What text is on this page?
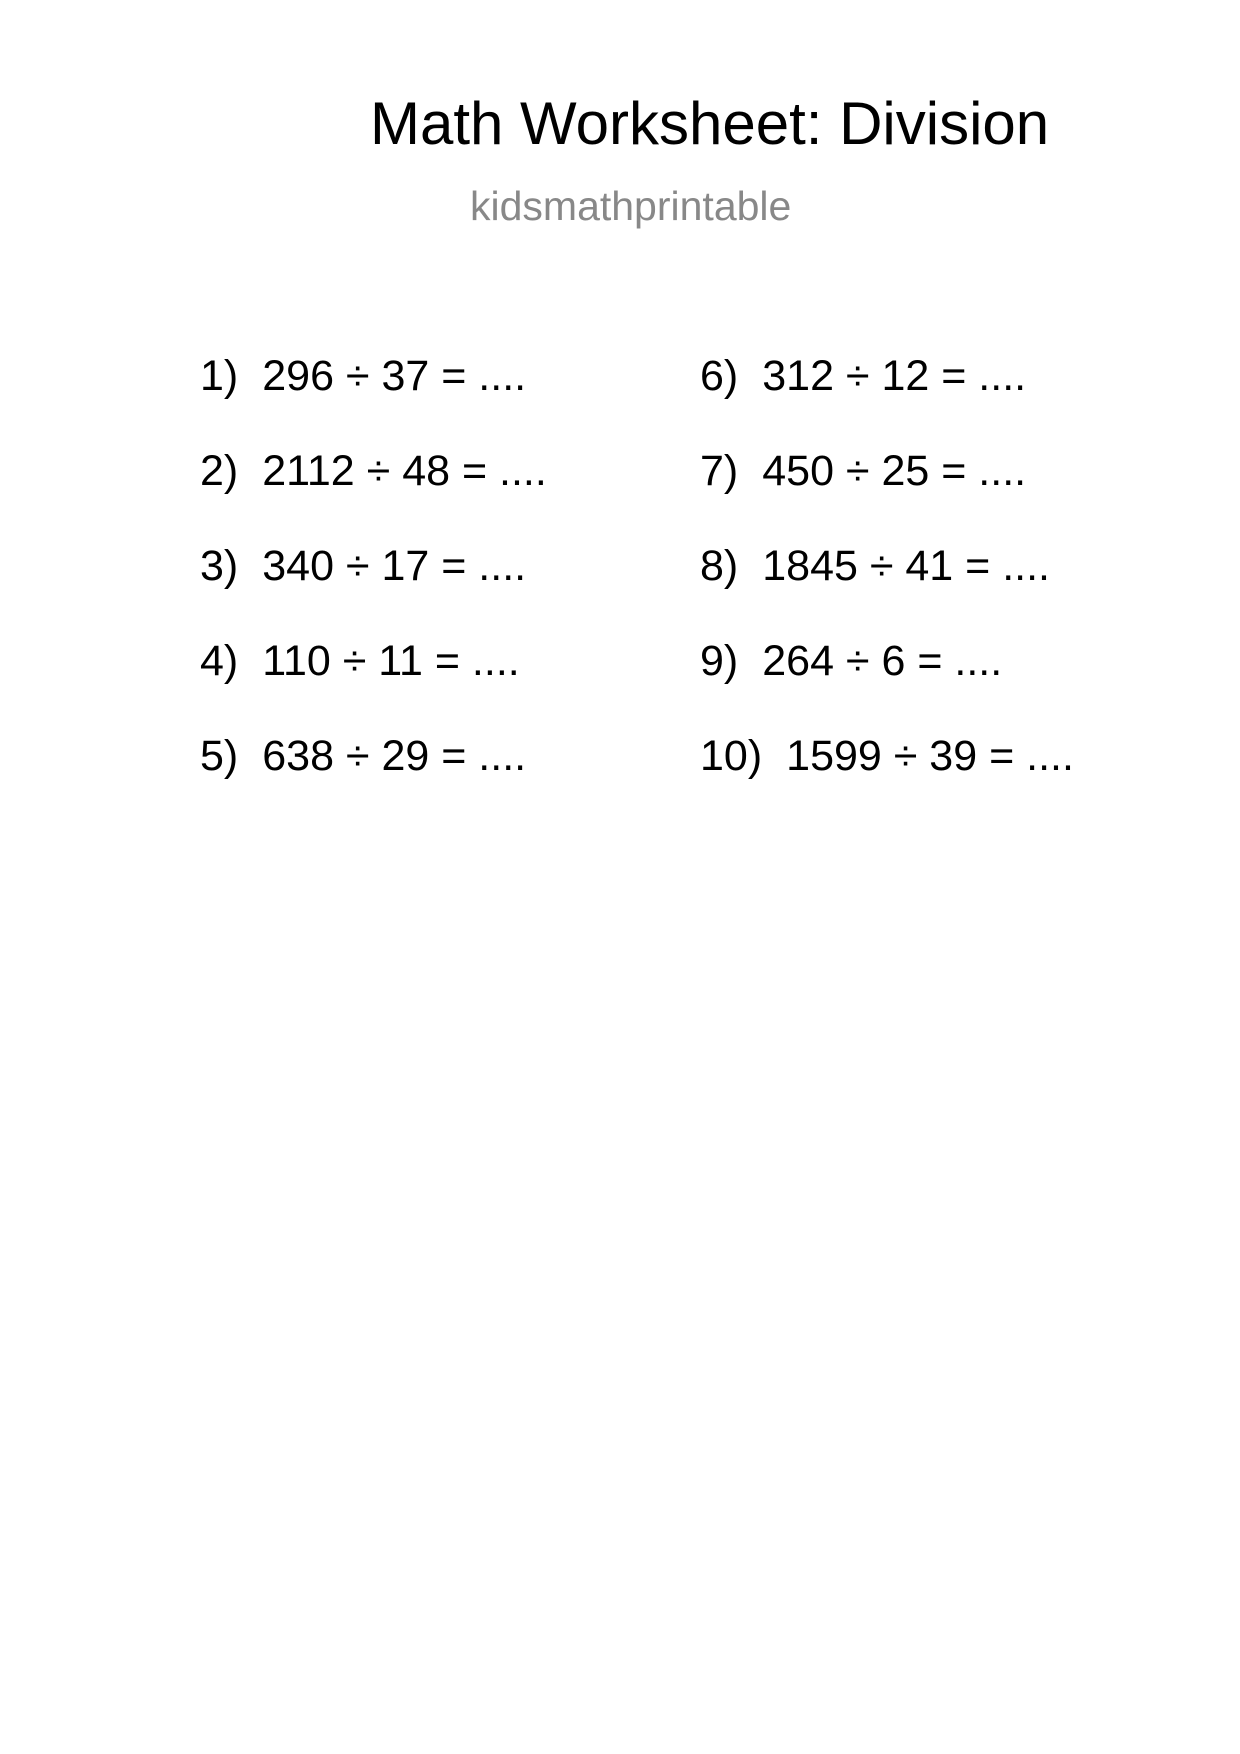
Math Worksheet: Division
kidsmathprintable
1) 296 ÷ 37 = ....
2) 2112 ÷ 48 = ....
3) 340 ÷ 17 = ....
4) 110 ÷ 11 = ....
5) 638 ÷ 29 = ....
6) 312 ÷ 12 = ....
7) 450 ÷ 25 = ....
8) 1845 ÷ 41 = ....
9) 264 ÷ 6 = ....
10) 1599 ÷ 39 = ....
